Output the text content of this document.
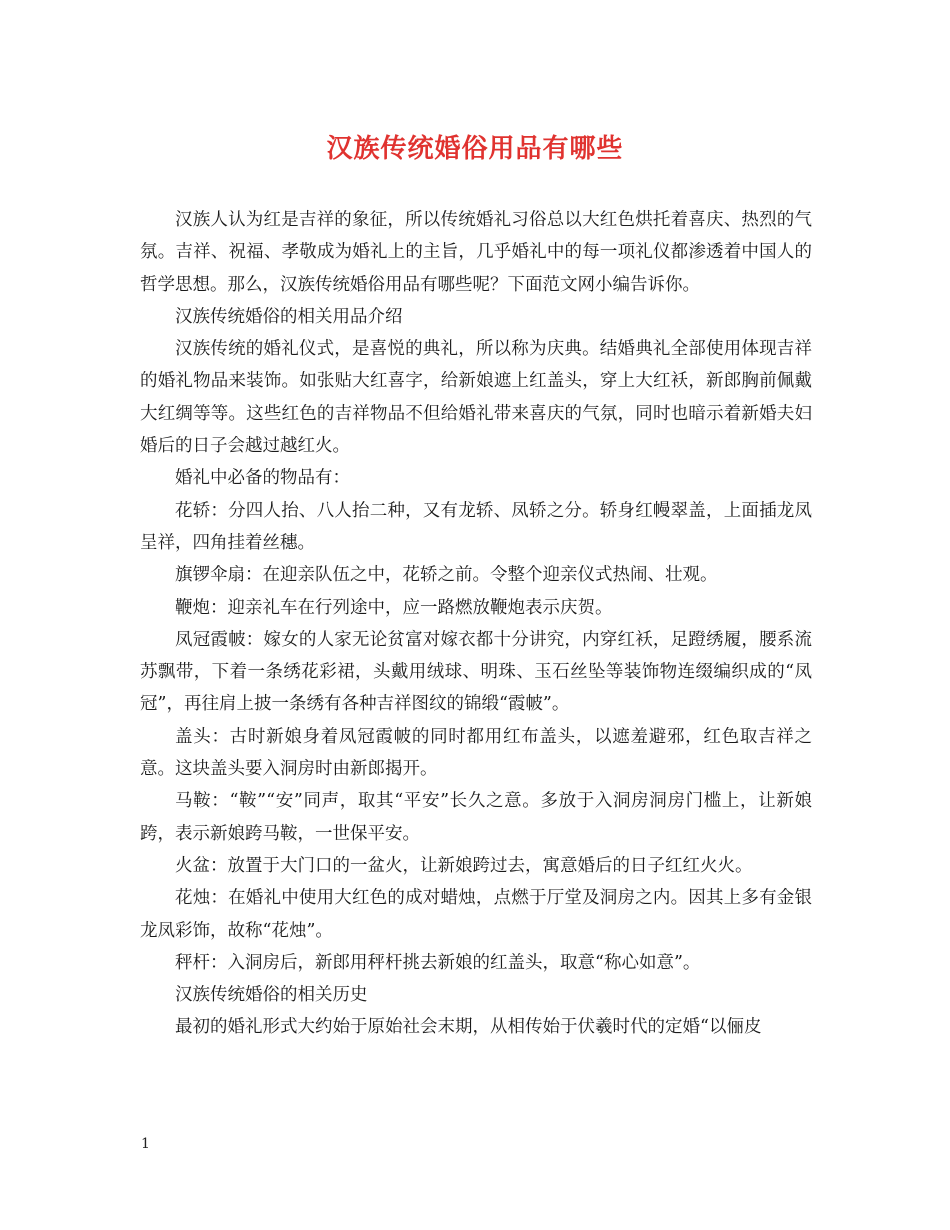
汉族传统婚俗用品有哪些

汉族人认为红是吉祥的象征，所以传统婚礼习俗总以大红色烘托着喜庆、热烈的气氛。吉祥、祝福、孝敬成为婚礼上的主旨，几乎婚礼中的每一项礼仪都渗透着中国人的哲学思想。那么，汉族传统婚俗用品有哪些呢？下面范文网小编告诉你。

汉族传统婚俗的相关用品介绍

汉族传统的婚礼仪式，是喜悦的典礼，所以称为庆典。结婚典礼全部使用体现吉祥的婚礼物品来装饰。如张贴大红喜字，给新娘遮上红盖头，穿上大红袄，新郎胸前佩戴大红绸等等。这些红色的吉祥物品不但给婚礼带来喜庆的气氛，同时也暗示着新婚夫妇婚后的日子会越过越红火。

婚礼中必备的物品有：

花轿：分四人抬、八人抬二种，又有龙轿、凤轿之分。轿身红幔翠盖，上面插龙凤呈祥，四角挂着丝穗。

旗锣伞扇：在迎亲队伍之中，花轿之前。令整个迎亲仪式热闹、壮观。

鞭炮：迎亲礼车在行列途中，应一路燃放鞭炮表示庆贺。

凤冠霞帔：嫁女的人家无论贫富对嫁衣都十分讲究，内穿红袄，足蹬绣履，腰系流苏飘带，下着一条绣花彩裙，头戴用绒球、明珠、玉石丝坠等装饰物连缀编织成的“凤冠”，再往肩上披一条绣有各种吉祥图纹的锦缎“霞帔”。

盖头：古时新娘身着凤冠霞帔的同时都用红布盖头，以遮羞避邪，红色取吉祥之意。这块盖头要入洞房时由新郎揭开。

马鞍：“鞍”“安”同声，取其“平安”长久之意。多放于入洞房洞房门槛上，让新娘跨，表示新娘跨马鞍，一世保平安。

火盆：放置于大门口的一盆火，让新娘跨过去，寓意婚后的日子红红火火。

花烛：在婚礼中使用大红色的成对蜡烛，点燃于厅堂及洞房之内。因其上多有金银龙凤彩饰，故称“花烛”。

秤杆：入洞房后，新郎用秤杆挑去新娘的红盖头，取意“称心如意”。

汉族传统婚俗的相关历史

最初的婚礼形式大约始于原始社会末期，从相传始于伏羲时代的定婚“以俪皮

1
